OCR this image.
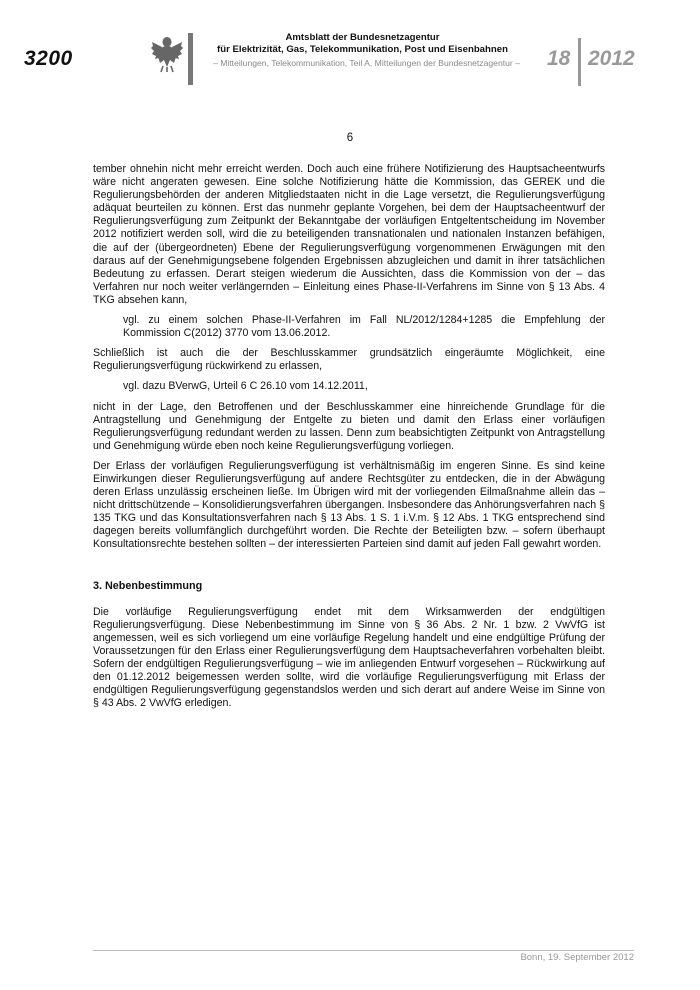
3200
Amtsblatt der Bundesnetzagentur
für Elektrizität, Gas, Telekommunikation, Post und Eisenbahnen
– Mitteilungen, Telekommunikation, Teil A, Mitteilungen der Bundesnetzagentur –	18 2012
6

tember ohnehin nicht mehr erreicht werden. Doch auch eine frühere Notifizierung des Hauptsacheentwurfs wäre nicht angeraten gewesen. Eine solche Notifizierung hätte die Kommission, das GEREK und die Regulierungsbehörden der anderen Mitgliedstaaten nicht in die Lage versetzt, die Regulierungsverfügung adäquat beurteilen zu können. Erst das nunmehr geplante Vorgehen, bei dem der Hauptsacheentwurf der Regulierungsverfügung zum Zeitpunkt der Bekanntgabe der vorläufigen Entgeltentscheidung im November 2012 notifiziert werden soll, wird die zu beteiligenden transnationalen und nationalen Instanzen befähigen, die auf der (übergeordneten) Ebene der Regulierungsverfügung vorgenommenen Erwägungen mit den daraus auf der Genehmigungsebene folgenden Ergebnissen abzugleichen und damit in ihrer tatsächlichen Bedeutung zu erfassen. Derart steigen wiederum die Aussichten, dass die Kommission von der – das Verfahren nur noch weiter verlängernden – Einleitung eines Phase-II-Verfahrens im Sinne von § 13 Abs. 4 TKG absehen kann,

vgl. zu einem solchen Phase-II-Verfahren im Fall NL/2012/1284+1285 die Empfehlung der Kommission C(2012) 3770 vom 13.06.2012.

Schließlich ist auch die der Beschlusskammer grundsätzlich eingeräumte Möglichkeit, eine Regulierungsverfügung rückwirkend zu erlassen,

vgl. dazu BVerwG, Urteil 6 C 26.10 vom 14.12.2011,

nicht in der Lage, den Betroffenen und der Beschlusskammer eine hinreichende Grundlage für die Antragstellung und Genehmigung der Entgelte zu bieten und damit den Erlass einer vorläufigen Regulierungsverfügung redundant werden zu lassen. Denn zum beabsichtigten Zeitpunkt von Antragstellung und Genehmigung würde eben noch keine Regulierungsverfügung vorliegen.

Der Erlass der vorläufigen Regulierungsverfügung ist verhältnismäßig im engeren Sinne. Es sind keine Einwirkungen dieser Regulierungsverfügung auf andere Rechtsgüter zu entdecken, die in der Abwägung deren Erlass unzulässig erscheinen ließe. Im Übrigen wird mit der vorliegenden Eilmaßnahme allein das – nicht drittschützende – Konsolidierungsverfahren übergangen. Insbesondere das Anhörungsverfahren nach § 135 TKG und das Konsultationsverfahren nach § 13 Abs. 1 S. 1 i.V.m. § 12 Abs. 1 TKG entsprechend sind dagegen bereits vollumfänglich durchgeführt worden. Die Rechte der Beteiligten bzw. – sofern überhaupt Konsultationsrechte bestehen sollten – der interessierten Parteien sind damit auf jeden Fall gewahrt worden.

3. Nebenbestimmung

Die vorläufige Regulierungsverfügung endet mit dem Wirksamwerden der endgültigen Regulierungsverfügung. Diese Nebenbestimmung im Sinne von § 36 Abs. 2 Nr. 1 bzw. 2 VwVfG ist angemessen, weil es sich vorliegend um eine vorläufige Regelung handelt und eine endgültige Prüfung der Voraussetzungen für den Erlass einer Regulierungsverfügung dem Hauptsacheverfahren vorbehalten bleibt. Sofern der endgültigen Regulierungsverfügung – wie im anliegenden Entwurf vorgesehen – Rückwirkung auf den 01.12.2012 beigemessen werden sollte, wird die vorläufige Regulierungsverfügung mit Erlass der endgültigen Regulierungsverfügung gegenstandslos werden und sich derart auf andere Weise im Sinne von § 43 Abs. 2 VwVfG erledigen.

Bonn, 19. September 2012
